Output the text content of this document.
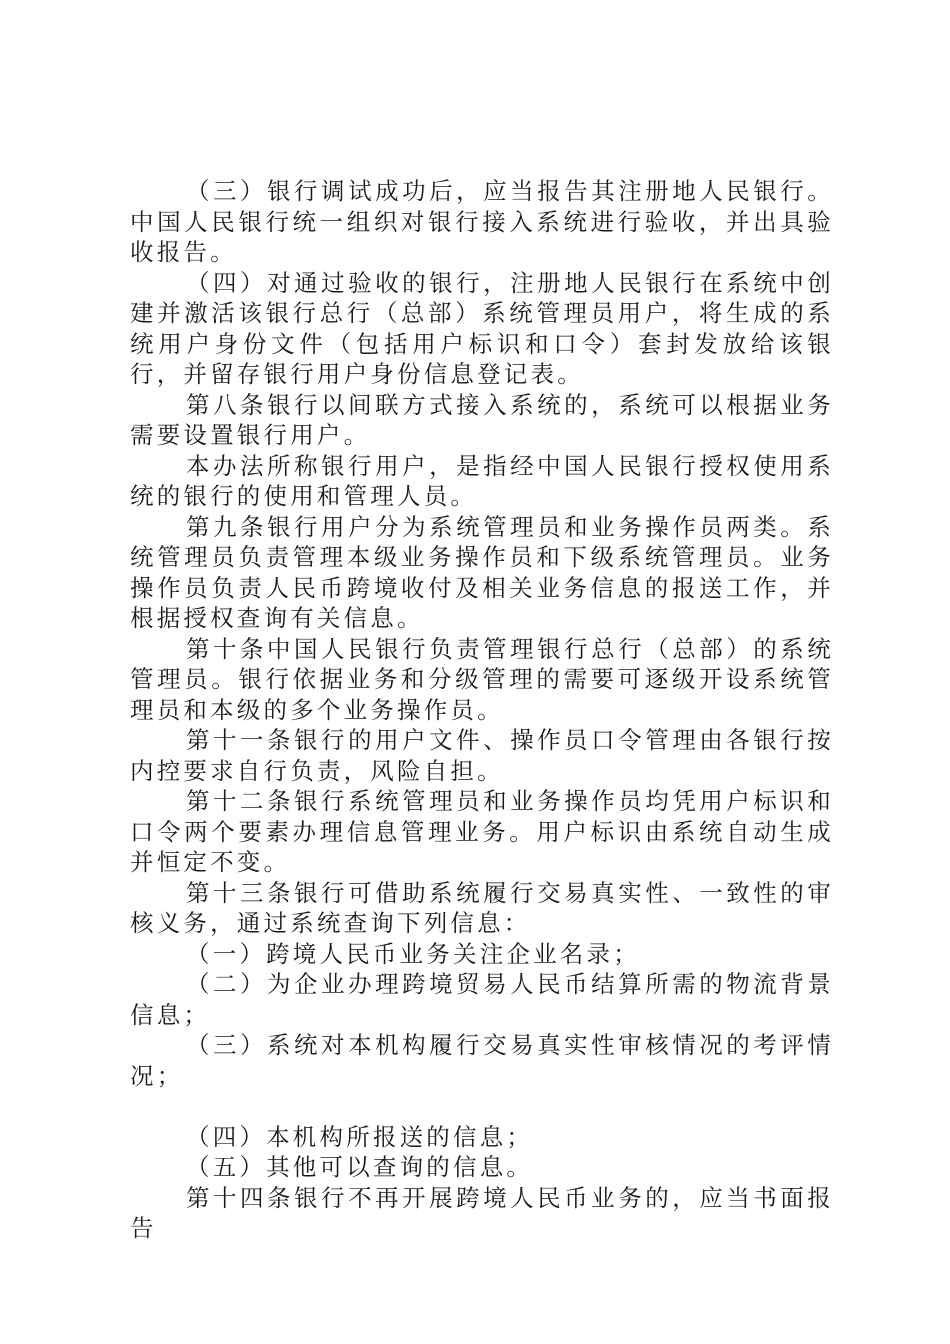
（三）银行调试成功后，应当报告其注册地人民银行。中国人民银行统一组织对银行接入系统进行验收，并出具验收报告。

（四）对通过验收的银行，注册地人民银行在系统中创建并激活该银行总行（总部）系统管理员用户，将生成的系统用户身份文件（包括用户标识和口令）套封发放给该银行，并留存银行用户身份信息登记表。

第八条银行以间联方式接入系统的，系统可以根据业务需要设置银行用户。

本办法所称银行用户，是指经中国人民银行授权使用系统的银行的使用和管理人员。

第九条银行用户分为系统管理员和业务操作员两类。系统管理员负责管理本级业务操作员和下级系统管理员。业务操作员负责人民币跨境收付及相关业务信息的报送工作，并根据授权查询有关信息。

第十条中国人民银行负责管理银行总行（总部）的系统管理员。银行依据业务和分级管理的需要可逐级开设系统管理员和本级的多个业务操作员。

第十一条银行的用户文件、操作员口令管理由各银行按内控要求自行负责，风险自担。

第十二条银行系统管理员和业务操作员均凭用户标识和口令两个要素办理信息管理业务。用户标识由系统自动生成并恒定不变。

第十三条银行可借助系统履行交易真实性、一致性的审核义务，通过系统查询下列信息：

（一）跨境人民币业务关注企业名录；

（二）为企业办理跨境贸易人民币结算所需的物流背景信息；

（三）系统对本机构履行交易真实性审核情况的考评情况；

（四）本机构所报送的信息；

（五）其他可以查询的信息。

第十四条银行不再开展跨境人民币业务的，应当书面报告
